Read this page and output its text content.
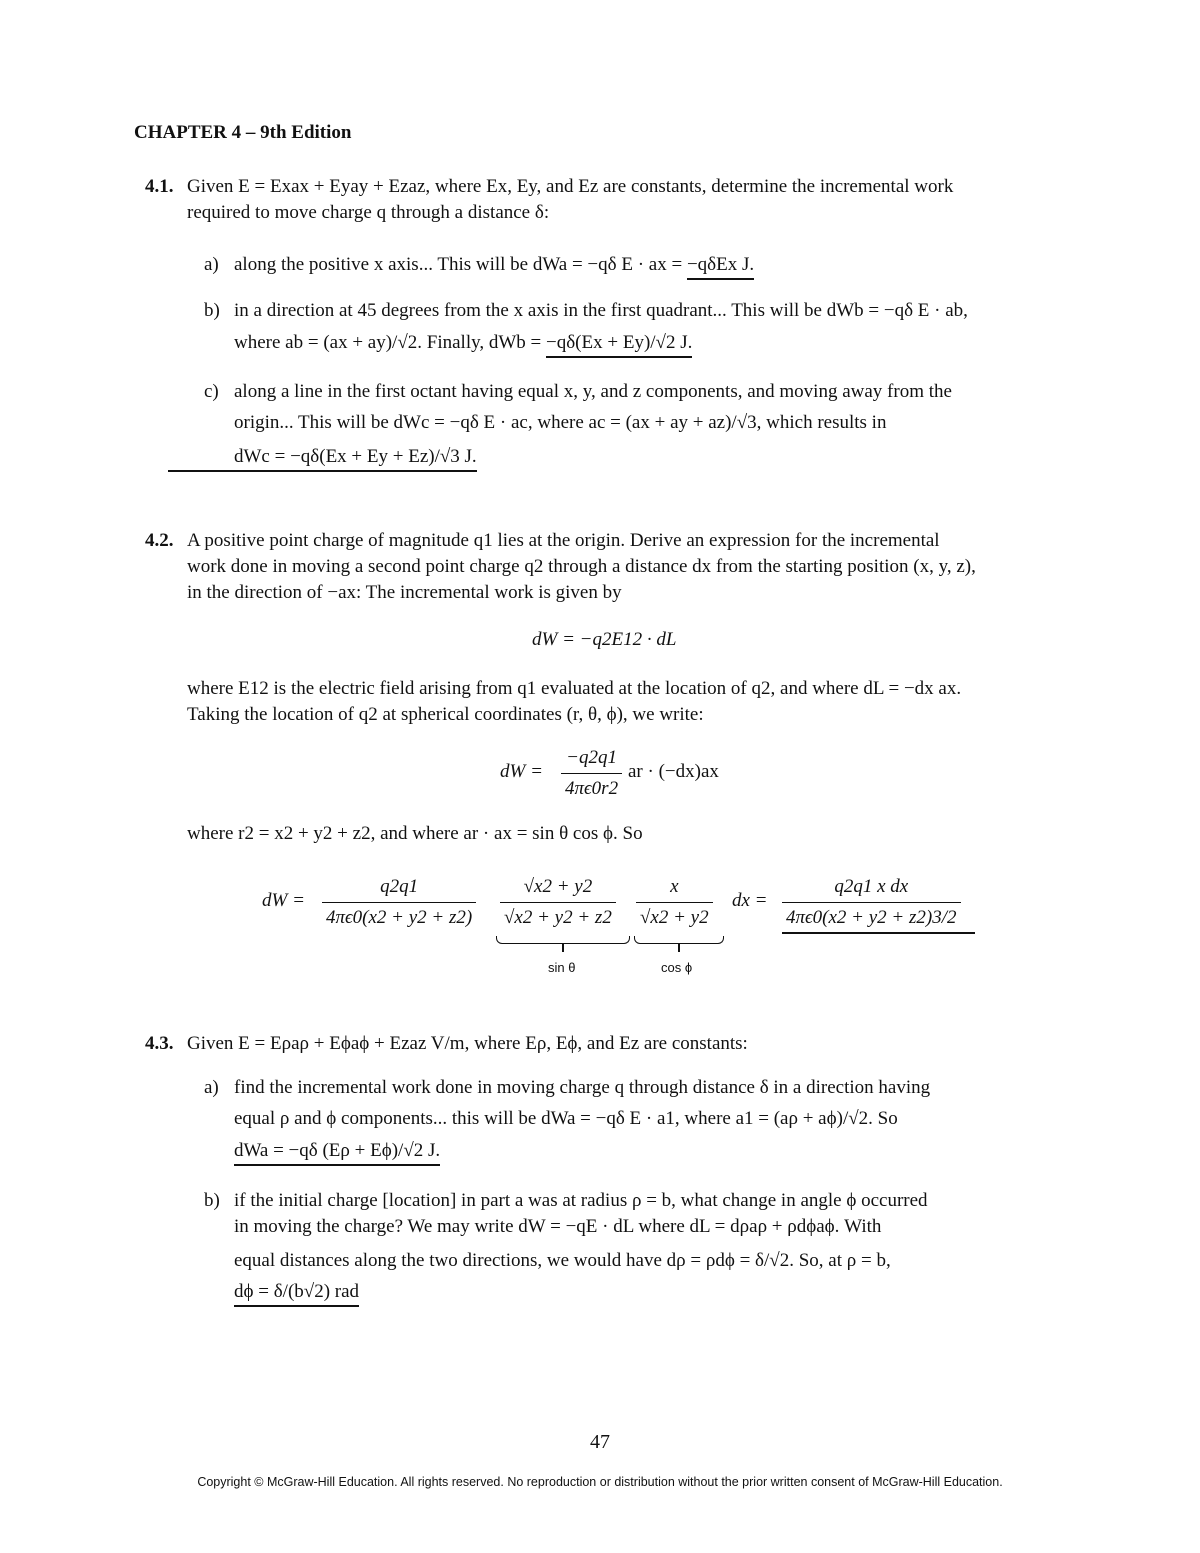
CHAPTER 4 – 9th Edition
4.1. Given E = Exax + Eyay + Ezaz, where Ex, Ey, and Ez are constants, determine the incremental work
required to move charge q through a distance δ:
a) along the positive x axis... This will be dWa = −qδ E · ax = −qδEx J.
b) in a direction at 45 degrees from the x axis in the first quadrant... This will be dWb = −qδ E · ab,
where ab = (ax + ay)/√2. Finally, dWb = −qδ(Ex + Ey)/√2 J.
c) along a line in the first octant having equal x, y, and z components, and moving away from the
origin... This will be dWc = −qδ E · ac, where ac = (ax + ay + az)/√3, which results in
dWc = −qδ(Ex + Ey + Ez)/√3 J.
4.2. A positive point charge of magnitude q1 lies at the origin. Derive an expression for the incremental
work done in moving a second point charge q2 through a distance dx from the starting position (x, y, z),
in the direction of −ax: The incremental work is given by
dW = −q2E12 · dL
where E12 is the electric field arising from q1 evaluated at the location of q2, and where dL = −dx ax.
Taking the location of q2 at spherical coordinates (r, θ, ϕ), we write:
dW = $\frac{-q2q1}{4\pi\epsilon 0r2}$ ar · (−dx)ax
where r2 = x2 + y2 + z2, and where ar · ax = sin θ cos ϕ. So
dW = $\frac{q2q1}{4\pi\epsilon 0(x2 + y2 + z2)} \frac{√x2 + y2}{√x2 + y2 + z2} \frac{x}{√x2 + y2}$ dx = $\frac{\text{q2q1 x dx}}{4\pi\epsilon 0(x2 + y2 + z2)3/2}$
sin θ	cos ϕ
4.3. Given E = Eρaρ + Eϕaϕ + Ezaz V/m, where Eρ, Eϕ, and Ez are constants:
a) find the incremental work done in moving charge q through distance δ in a direction having
equal ρ and ϕ components... this will be dWa = −qδ E · a1, where a1 = (aρ + aϕ)/√2. So
dWa = −qδ (Eρ + Eϕ)/√2 J.
b) if the initial charge [location] in part a was at radius ρ = b, what change in angle ϕ occurred
in moving the charge? We may write dW = −qE · dL where dL = dρaρ + ρdϕaϕ. With
equal distances along the two directions, we would have dρ = ρdϕ = δ/√2. So, at ρ = b,
dϕ = δ/(b√2) rad
47
Copyright © McGraw-Hill Education. All rights reserved. No reproduction or distribution without the prior written consent of McGraw-Hill Education.
